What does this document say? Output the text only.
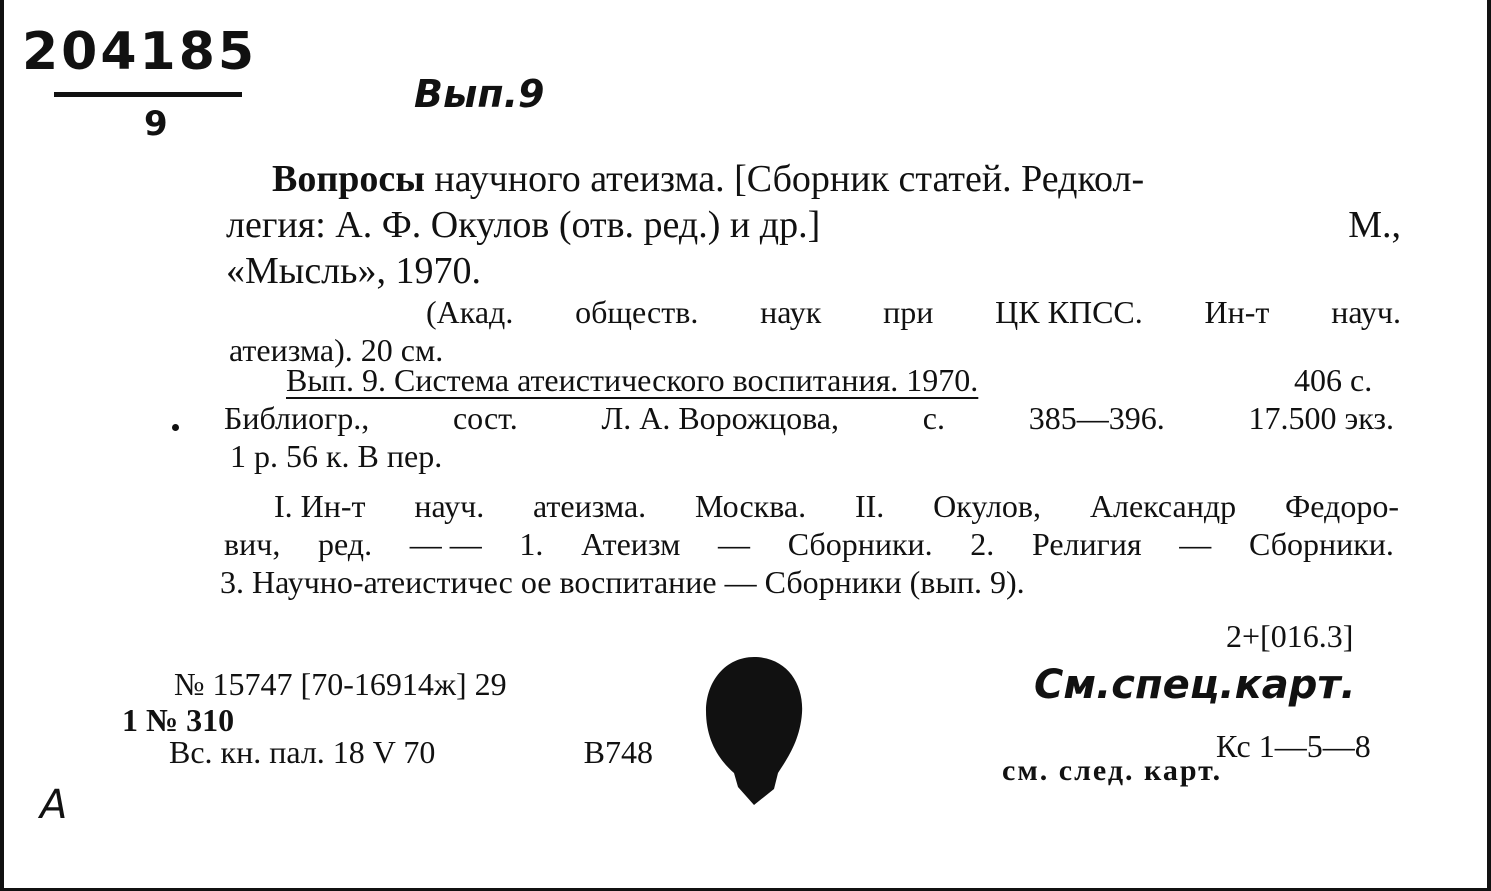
204185
9
Вып.9
Вопросы научного атеизма. [Сборник статей. Редкол-
легия: А. Ф. Окулов (отв. ред.) и др.]	М.,
«Мысль», 1970.
(Акад. обществ. наук при ЦК КПСС. Ин-т науч.
атеизма). 20 см.
Вып. 9. Система атеистического воспитания. 1970.	406 с.
Библиогр.,	сост.	Л. А. Ворожцова,	с.	385—396.	17.500 экз.
1 р. 56 к. В пер.
I. Ин-т науч. атеизма. Москва. II. Окулов, Александр Федоро-
вич, ред. — — 1. Атеизм — Сборники. 2. Религия — Сборники.
3. Научно-атеистичес ое воспитание — Сборники (вып. 9).
2+[016.3]
№ 15747 [70-16914ж] 29
1 № 310
Вс. кн. пал. 18 V 70	B748
См.спец.карт.
Кс 1—5—8
см. след. карт.
A
